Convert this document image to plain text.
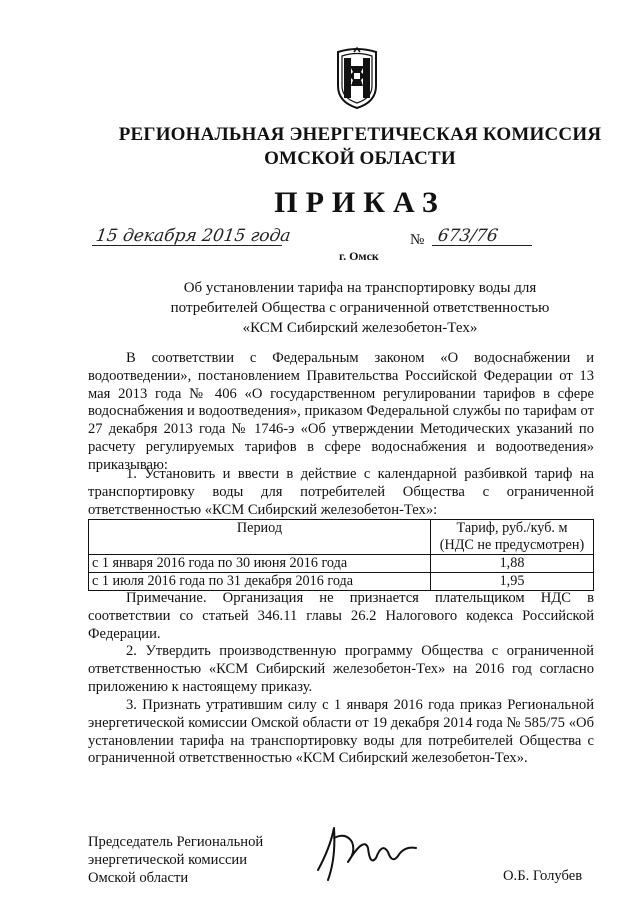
РЕГИОНАЛЬНАЯ ЭНЕРГЕТИЧЕСКАЯ КОМИССИЯ
ОМСКОЙ ОБЛАСТИ
ПРИКАЗ
15 декабря 2015 года
г. Омск
№ 673/76
Об установлении тарифа на транспортировку воды для
потребителей Общества с ограниченной ответственностью
«КСМ Сибирский железобетон-Тех»
В соответствии с Федеральным законом «О водоснабжении и водоотведении», постановлением Правительства Российской Федерации от 13 мая 2013 года № 406 «О государственном регулировании тарифов в сфере водоснабжения и водоотведения», приказом Федеральной службы по тарифам от 27 декабря 2013 года № 1746-э «Об утверждении Методических указаний по расчету регулируемых тарифов в сфере водоснабжения и водоотведения» приказываю:
1. Установить и ввести в действие с календарной разбивкой тариф на транспортировку воды для потребителей Общества с ограниченной ответственностью «КСМ Сибирский железобетон-Тех»:
Период	Тариф, руб./куб. м
(НДС не предусмотрен)

с 1 января 2016 года по 30 июня 2016 года	1,88
с 1 июля 2016 года по 31 декабря 2016 года	1,95
Примечание. Организация не признается плательщиком НДС в соответствии со статьей 346.11 главы 26.2 Налогового кодекса Российской Федерации.
2. Утвердить производственную программу Общества с ограниченной ответственностью «КСМ Сибирский железобетон-Тех» на 2016 год согласно приложению к настоящему приказу.
3. Признать утратившим силу с 1 января 2016 года приказ Региональной энергетической комиссии Омской области от 19 декабря 2014 года № 585/75 «Об установлении тарифа на транспортировку воды для потребителей Общества с ограниченной ответственностью «КСМ Сибирский железобетон-Тех».
Председатель Региональной
энергетической комиссии
Омской области	О.Б. Голубев
